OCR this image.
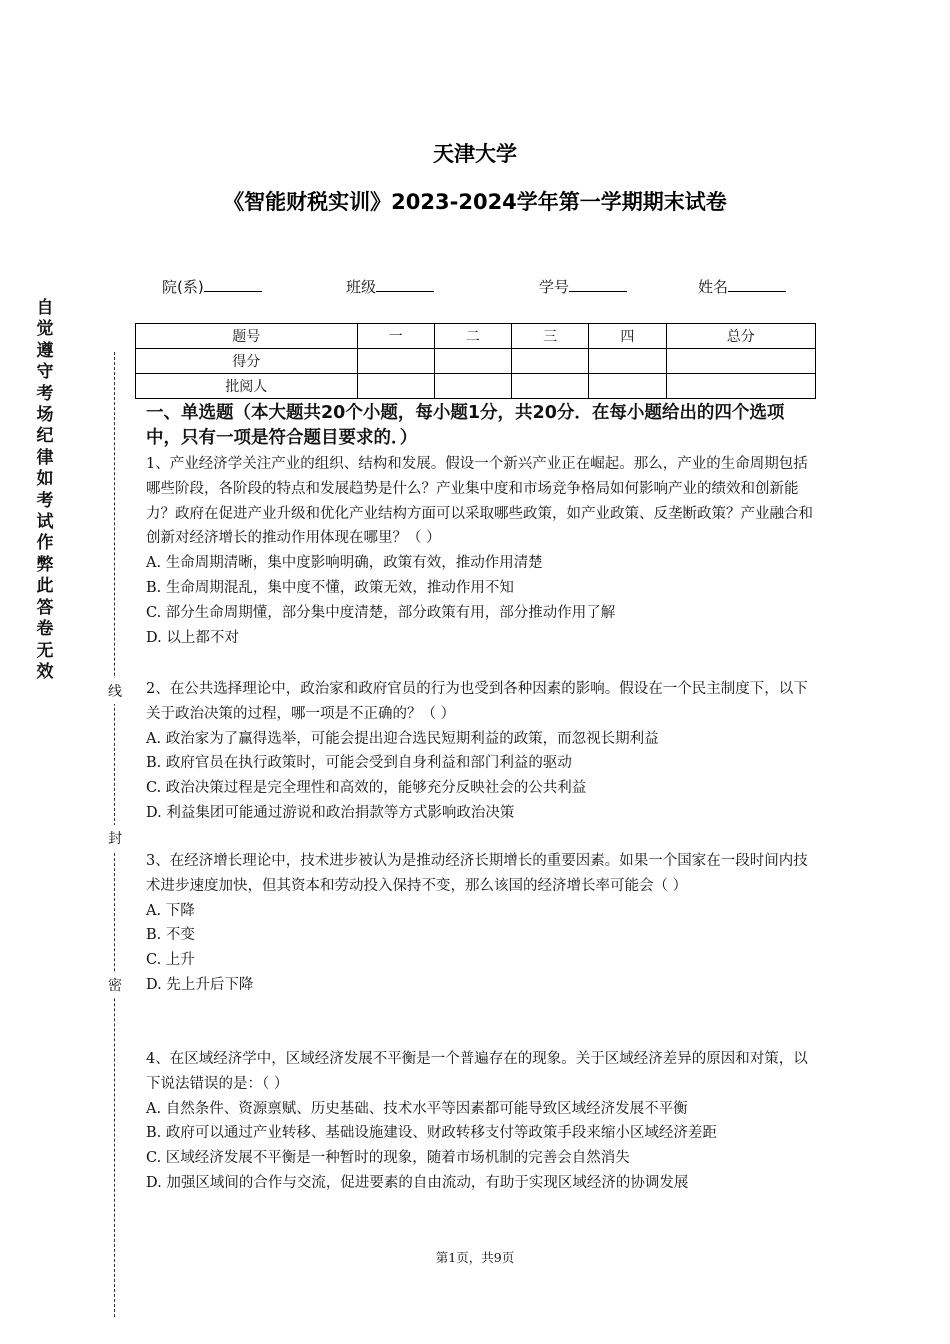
天津大学
《智能财税实训》2023-2024学年第一学期期末试卷
院(系)	班级	学号	姓名
题号	一	二	三	四	总分
得分					
批阅人					
自
觉
遵
守
考
场
纪
律
如
考
试
作
弊
此
答
卷
无
效
线
封
密
一、单选题（本大题共20个小题，每小题1分，共20分．在每小题给出的四个选项中，只有一项是符合题目要求的．）

1、产业经济学关注产业的组织、结构和发展。假设一个新兴产业正在崛起。那么，产业的生命周期包括哪些阶段，各阶段的特点和发展趋势是什么？产业集中度和市场竞争格局如何影响产业的绩效和创新能力？政府在促进产业升级和优化产业结构方面可以采取哪些政策，如产业政策、反垄断政策？产业融合和创新对经济增长的推动作用体现在哪里？（ ）

A. 生命周期清晰，集中度影响明确，政策有效，推动作用清楚

B. 生命周期混乱，集中度不懂，政策无效，推动作用不知

C. 部分生命周期懂，部分集中度清楚，部分政策有用，部分推动作用了解

D. 以上都不对

2、在公共选择理论中，政治家和政府官员的行为也受到各种因素的影响。假设在一个民主制度下，以下关于政治决策的过程，哪一项是不正确的？（ ）

A. 政治家为了赢得选举，可能会提出迎合选民短期利益的政策，而忽视长期利益

B. 政府官员在执行政策时，可能会受到自身利益和部门利益的驱动

C. 政治决策过程是完全理性和高效的，能够充分反映社会的公共利益

D. 利益集团可能通过游说和政治捐款等方式影响政治决策

3、在经济增长理论中，技术进步被认为是推动经济长期增长的重要因素。如果一个国家在一段时间内技术进步速度加快，但其资本和劳动投入保持不变，那么该国的经济增长率可能会（ ）

A. 下降

B. 不变

C. 上升

D. 先上升后下降

4、在区域经济学中，区域经济发展不平衡是一个普遍存在的现象。关于区域经济差异的原因和对策，以下说法错误的是：（ ）

A. 自然条件、资源禀赋、历史基础、技术水平等因素都可能导致区域经济发展不平衡

B. 政府可以通过产业转移、基础设施建设、财政转移支付等政策手段来缩小区域经济差距

C. 区域经济发展不平衡是一种暂时的现象，随着市场机制的完善会自然消失

D. 加强区域间的合作与交流，促进要素的自由流动，有助于实现区域经济的协调发展

第1页，共9页
